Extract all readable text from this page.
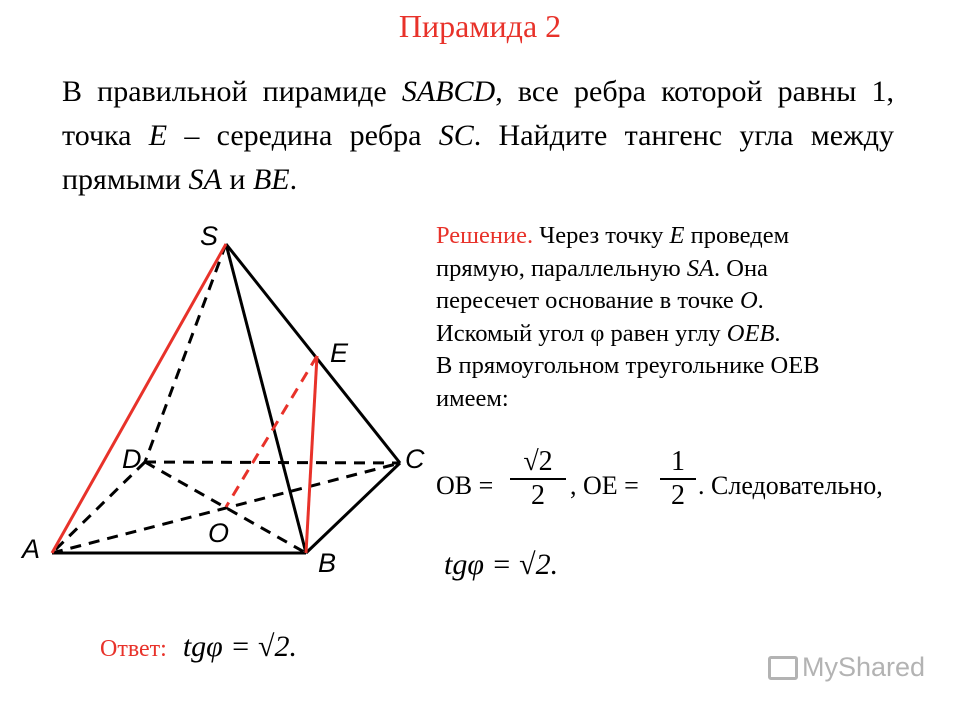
Пирамида 2
В правильной пирамиде SABCD, все ребра которой равны 1, точка E – середина ребра SC. Найдите тангенс угла между прямыми SA и BE.
S
E
D	C
O
A	B
Решение. Через точку E проведем
прямую, параллельную SA. Она
пересечет основание в точке O.
Искомый угол φ равен углу OEB.
В прямоугольном треугольнике OEB
имеем:
OB =
√2
2 , OE =
1
2 . Следовательно,
tgφ = √2.
Ответ: tgφ = √2.
MyShared
